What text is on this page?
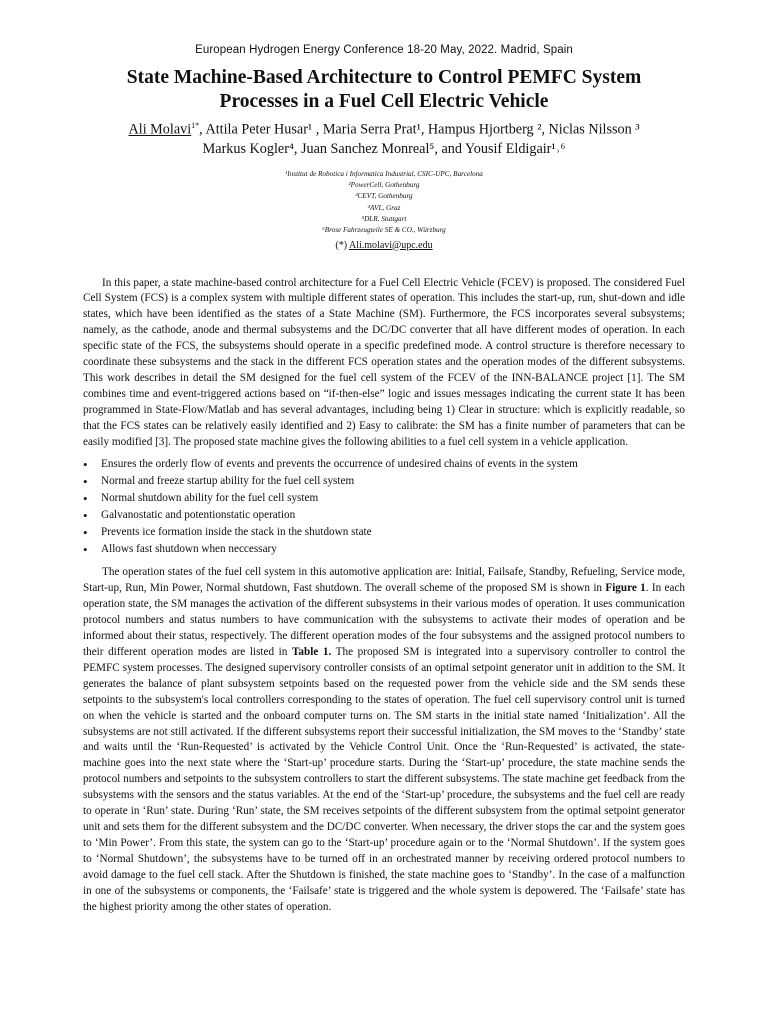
European Hydrogen Energy Conference 18-20 May, 2022. Madrid, Spain
State Machine-Based Architecture to Control PEMFC System
Processes in a Fuel Cell Electric Vehicle
Ali Molavi$^{1*}$, Attila Peter Husar¹ , Maria Serra Prat¹, Hampus Hjortberg ², Niclas Nilsson ³
Markus Kogler⁴, Juan Sanchez Monreal⁵, and Yousif Eldigair¹˒⁶
¹Institut de Robotica i Informatica Industrial, CSIC-UPC, Barcelona
²PowerCell, Gothenburg
³CEVT, Gothenburg
⁴AVL, Graz
⁵DLR, Stuttgart
⁶Brose Fahrzeugteile SE & CO., Würzburg
(*) Ali.molavi@upc.edu

In this paper, a state machine-based control architecture for a Fuel Cell Electric Vehicle (FCEV) is proposed. The considered Fuel Cell System (FCS) is a complex system with multiple different states of operation. This includes the start-up, run, shut-down and idle states, which have been identified as the states of a State Machine (SM). Furthermore, the FCS incorporates several subsystems; namely, as the cathode, anode and thermal subsystems and the DC/DC converter that all have different modes of operation. In each specific state of the FCS, the subsystems should operate in a specific predefined mode. A control structure is therefore necessary to coordinate these subsystems and the stack in the different FCS operation states and the operation modes of the different subsystems. This work describes in detail the SM designed for the fuel cell system of the FCEV of the INN-BALANCE project [1]. The SM combines time and event-triggered actions based on “if-then-else” logic and issues messages indicating the current state It has been programmed in State-Flow/Matlab and has several advantages, including being 1) Clear in structure: which is explicitly readable, so that the FCS states can be relatively easily identified and 2) Easy to calibrate: the SM has a finite number of parameters that can be easily modified [3]. The proposed state machine gives the following abilities to a fuel cell system in a vehicle application.

• Ensures the orderly flow of events and prevents the occurrence of undesired chains of events in the system
• Normal and freeze startup ability for the fuel cell system
• Normal shutdown ability for the fuel cell system
• Galvanostatic and potentionstatic operation
• Prevents ice formation inside the stack in the shutdown state
• Allows fast shutdown when neccessary

The operation states of the fuel cell system in this automotive application are: Initial, Failsafe, Standby, Refueling, Service mode, Start-up, Run, Min Power, Normal shutdown, Fast shutdown. The overall scheme of the proposed SM is shown in Figure 1. In each operation state, the SM manages the activation of the different subsystems in their various modes of operation. It uses communication protocol numbers and status numbers to have communication with the subsystems to activate their modes of operation and be informed about their status, respectively. The different operation modes of the four subsystems and the assigned protocol numbers to their different operation modes are listed in Table 1. The proposed SM is integrated into a supervisory controller to control the PEMFC system processes. The designed supervisory controller consists of an optimal setpoint generator unit in addition to the SM. It generates the balance of plant subsystem setpoints based on the requested power from the vehicle side and the SM sends these setpoints to the subsystem's local controllers corresponding to the states of operation. The fuel cell supervisory control unit is turned on when the vehicle is started and the onboard computer turns on. The SM starts in the initial state named ‘Initialization’. All the subsystems are not still activated. If the different subsystems report their successful initialization, the SM moves to the ‘Standby’ state and waits until the ‘Run-Requested’ is activated by the Vehicle Control Unit. Once the ‘Run-Requested’ is activated, the state-machine goes into the next state where the ‘Start-up’ procedure starts. During the ‘Start-up’ procedure, the state machine sends the protocol numbers and setpoints to the subsystem controllers to start the different subsystems. The state machine get feedback from the subsystems with the sensors and the status variables. At the end of the ‘Start-up’ procedure, the subsystems and the fuel cell are ready to operate in ‘Run’ state. During ‘Run’ state, the SM receives setpoints of the different subsystem from the optimal setpoint generator unit and sets them for the different subsystem and the DC/DC converter. When necessary, the driver stops the car and the system goes to ‘Min Power’. From this state, the system can go to the ‘Start-up’ procedure again or to the ‘Normal Shutdown’. If the system goes to ‘Normal Shutdown’, the subsystems have to be turned off in an orchestrated manner by receiving ordered protocol numbers to avoid damage to the fuel cell stack. After the Shutdown is finished, the state machine goes to ‘Standby’. In the case of a malfunction in one of the subsystems or components, the ‘Failsafe’ state is triggered and the whole system is depowered. The ‘Failsafe’ state has the highest priority among the other states of operation.
